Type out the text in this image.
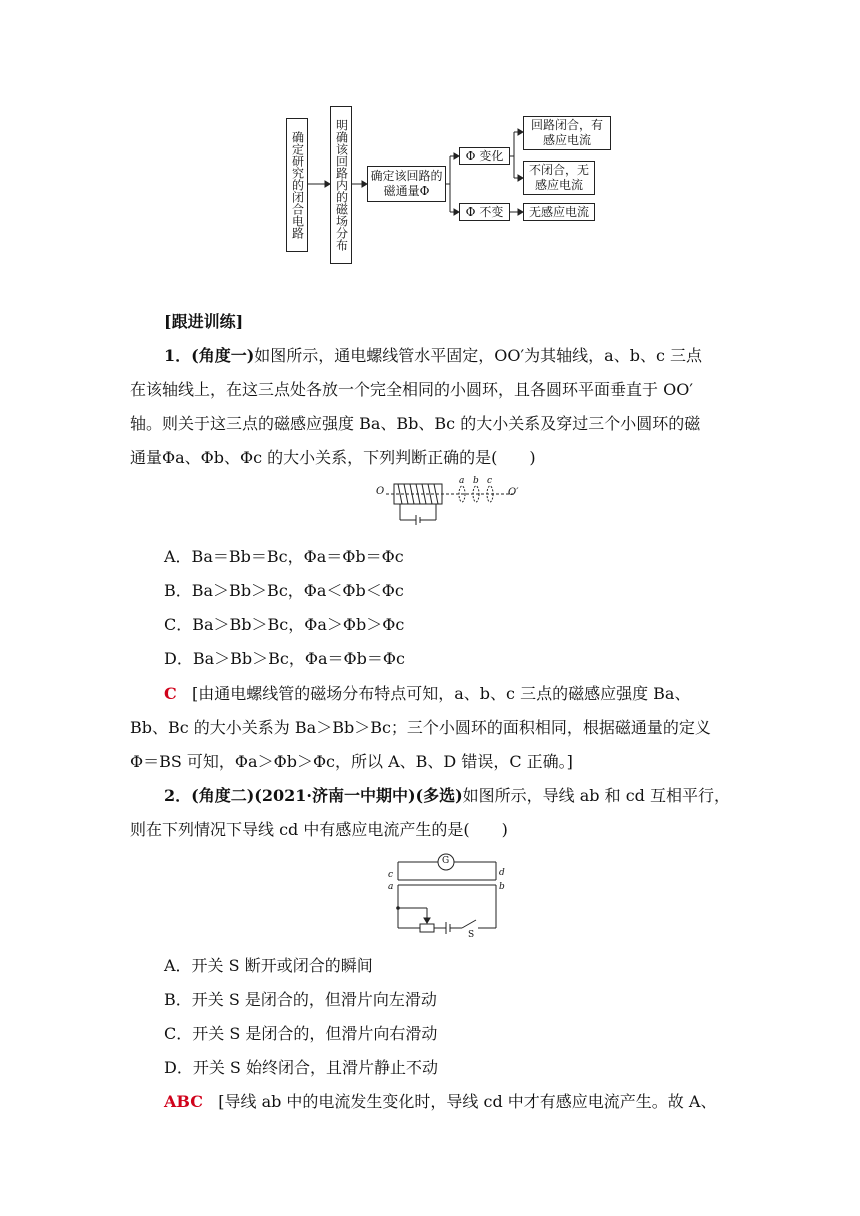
确定研究的闭合电路	明确该回路内的磁场分布 确定该回路的磁通量Φ
Φ 变化
Φ 不变
回路闭合，有感应电流
不闭合，无感应电流
无感应电流
[跟进训练]
1．(角度一)如图所示，通电螺线管水平固定，OO′为其轴线，a、b、c 三点
在该轴线上，在这三点处各放一个完全相同的小圆环，且各圆环平面垂直于 OO′
轴。则关于这三点的磁感应强度 Ba、Bb、Bc 的大小关系及穿过三个小圆环的磁
通量Φa、Φb、Φc 的大小关系，下列判断正确的是(　　)
O
a b c
O′
A．Ba＝Bb＝Bc，Φa＝Φb＝Φc
B．Ba＞Bb＞Bc，Φa＜Φb＜Φc
C．Ba＞Bb＞Bc，Φa＞Φb＞Φc
D．Ba＞Bb＞Bc，Φa＝Φb＝Φc
C [由通电螺线管的磁场分布特点可知，a、b、c 三点的磁感应强度 Ba、
Bb、Bc 的大小关系为 Ba＞Bb＞Bc；三个小圆环的面积相同，根据磁通量的定义
Φ＝BS 可知，Φa＞Φb＞Φc，所以 A、B、D 错误，C 正确。]
2．(角度二)(2021·济南一中期中)(多选)如图所示，导线 ab 和 cd 互相平行，
则在下列情况下导线 cd 中有感应电流产生的是(　　)
G
c	d
a	b
S
A．开关 S 断开或闭合的瞬间
B．开关 S 是闭合的，但滑片向左滑动
C．开关 S 是闭合的，但滑片向右滑动
D．开关 S 始终闭合，且滑片静止不动
ABC [导线 ab 中的电流发生变化时，导线 cd 中才有感应电流产生。故 A、
